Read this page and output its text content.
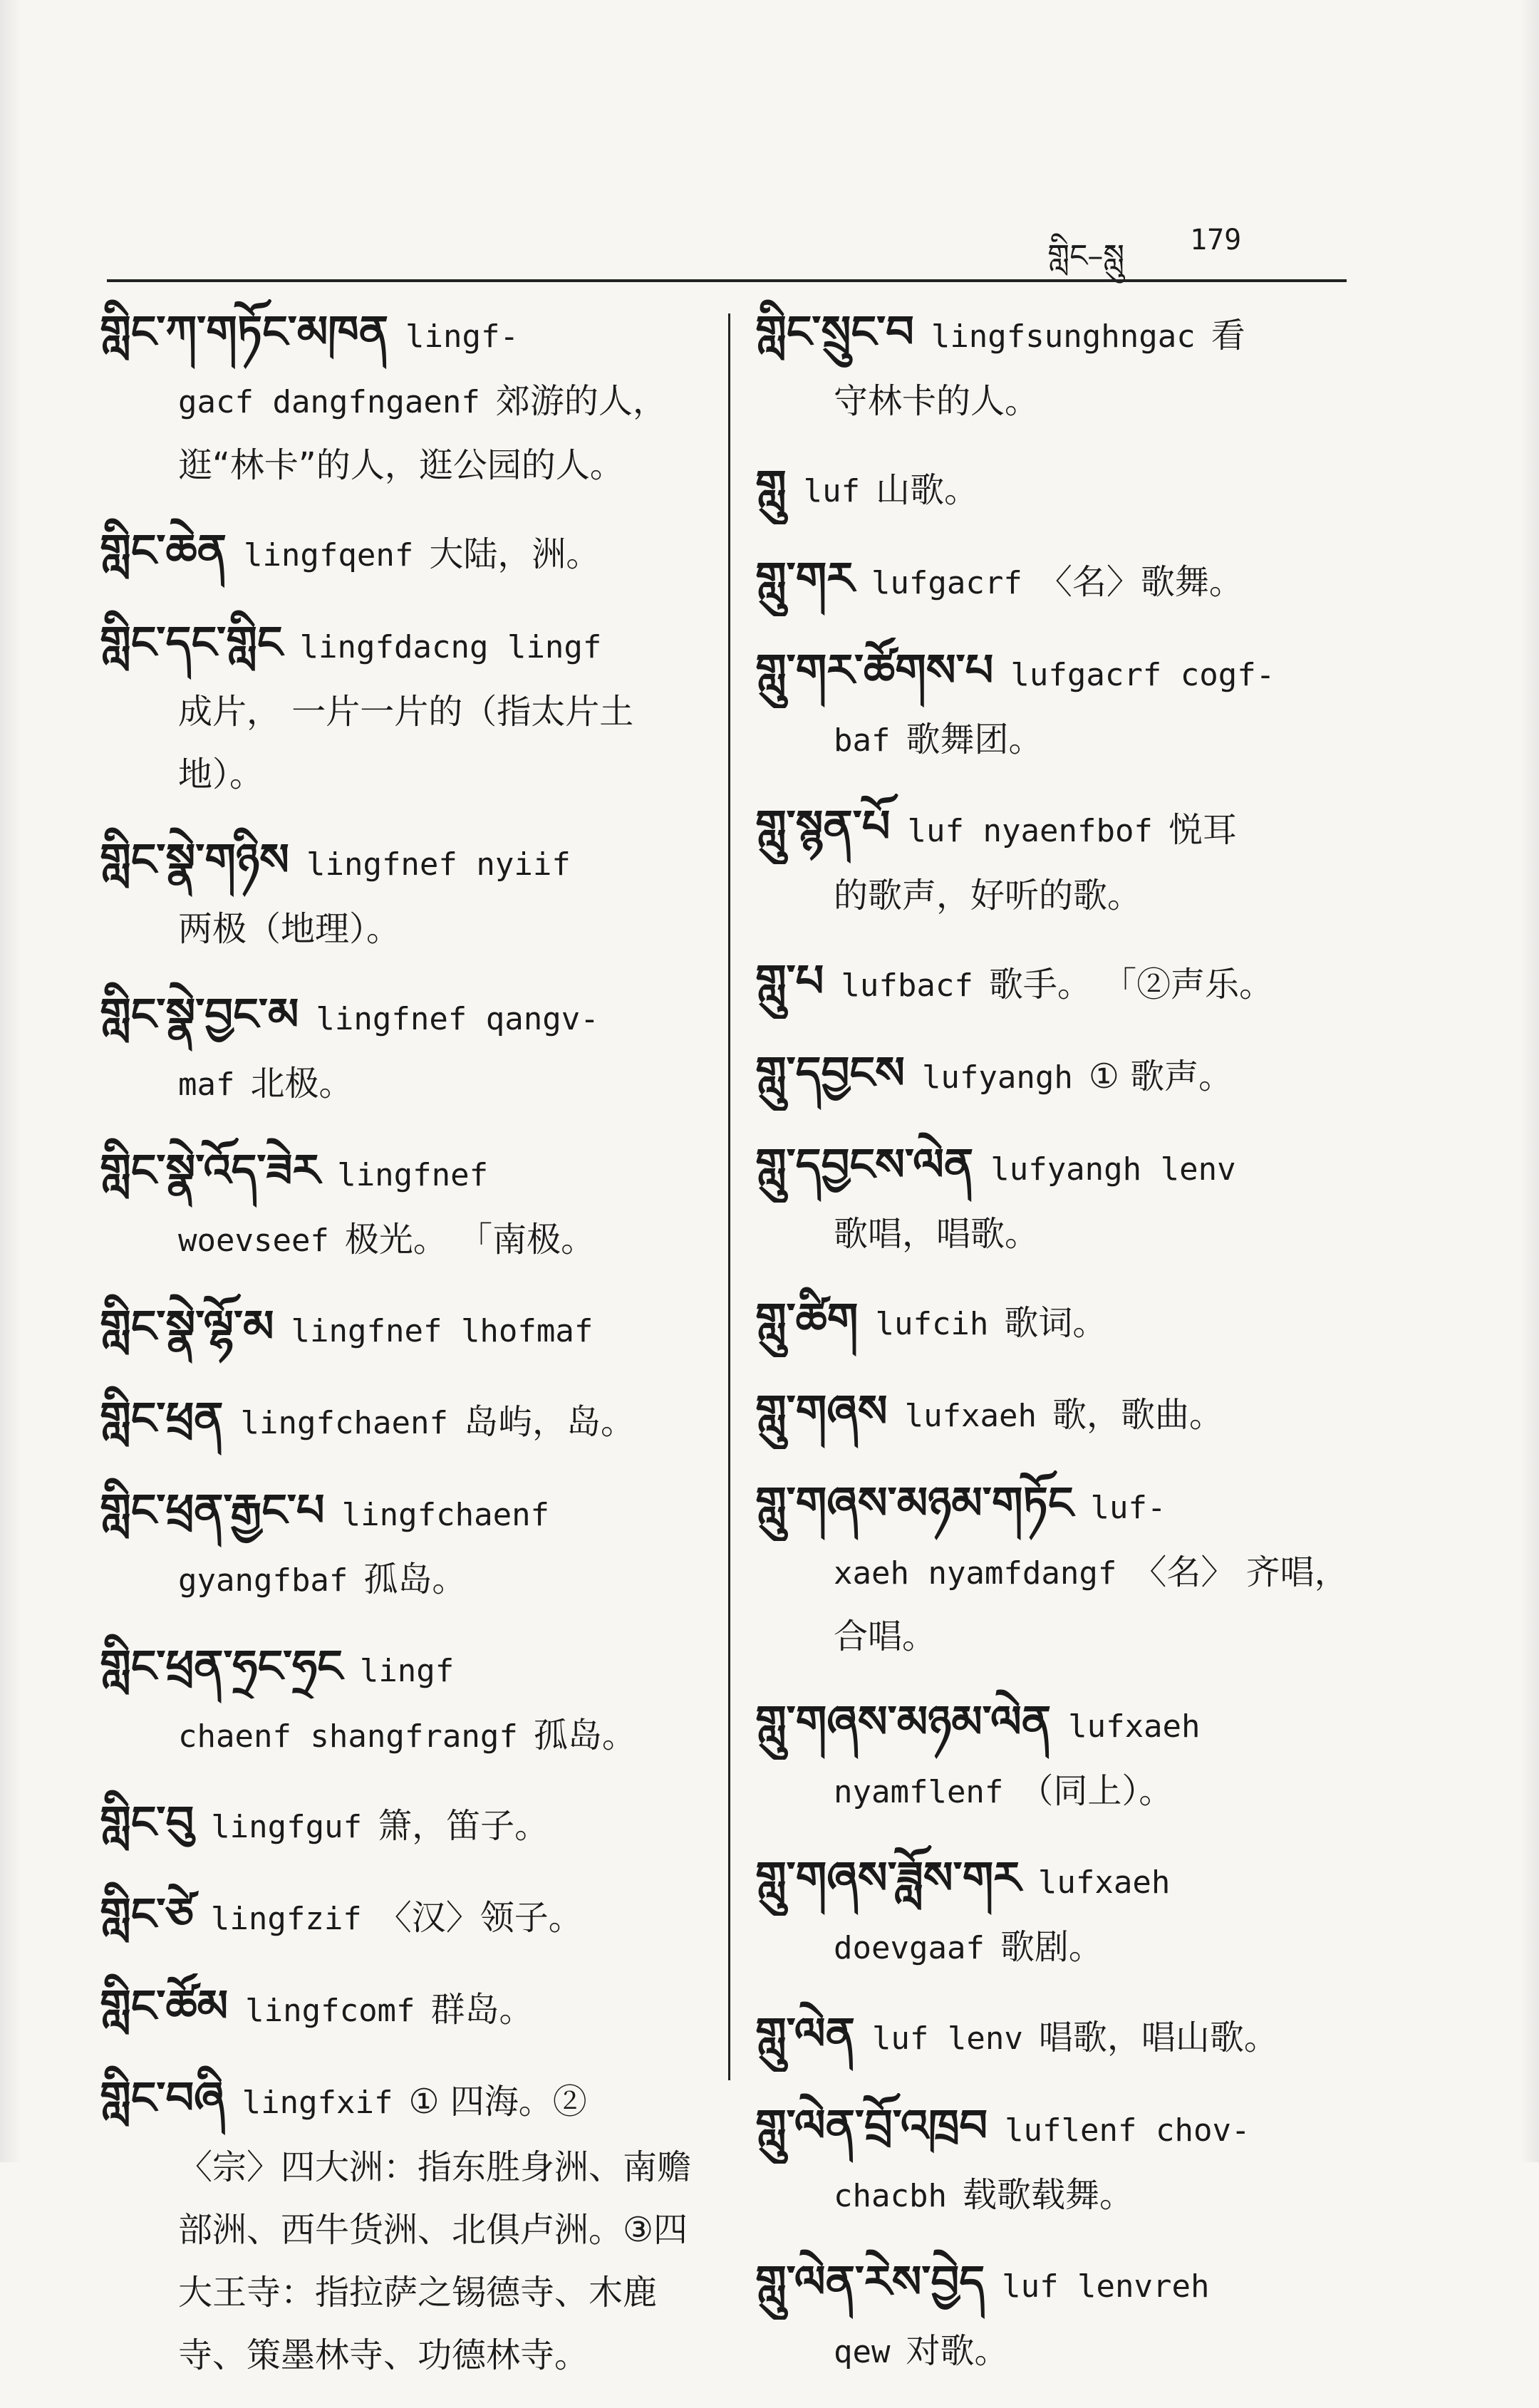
གླིང–སླུ 179
གླིང་ཀ་གཏོང་མཁན lingf-
gacf dangfngaenf 郊游的人，逛“林卡”的人，逛公园的人。
གླིང་ཆེན lingfqenf 大陆，洲。
གླིང་དང་གླིང lingfdacng lingf
成片， 一片一片的（指太片土地）。
གླིང་སྣེ་གཉིས lingfnef nyiif
两极（地理）。
གླིང་སྣེ་བྱང་མ lingfnef qangv-
maf 北极。
གླིང་སྣེ་འོད་ཟེར lingfnef
woevseef 极光。 「南极。
གླིང་སྣེ་ལྷོ་མ lingfnef lhofmaf
གླིང་ཕྲན lingfchaenf 岛屿，岛。
གླིང་ཕྲན་རྒྱང་པ lingfchaenf
gyangfbaf 孤岛。
གླིང་ཕྲན་ཧྲང་ཧྲང lingf
chaenf shangfrangf 孤岛。
གླིང་བུ lingfguf 箫，笛子。
གླིང་ཙེ lingfzif 〈汉〉领子。
གླིང་ཚོམ lingfcomf 群岛。
གླིང་བཞི lingfxif ① 四海。②
〈宗〉四大洲：指东胜身洲、南赡部洲、西牛货洲、北俱卢洲。③四大王寺：指拉萨之锡德寺、木鹿寺、策墨林寺、功德林寺。
གླིང་སྲུང་བ lingfsunghngac 看
守林卡的人。
གླུ luf 山歌。
གླུ་གར lufgacrf 〈名〉歌舞。
གླུ་གར་ཚོགས་པ lufgacrf cogf-
baf 歌舞团。
གླུ་སྙན་པོ luf nyaenfbof 悦耳
的歌声，好听的歌。
གླུ་པ lufbacf 歌手。 「②声乐。
གླུ་དབྱངས lufyangh ① 歌声。
གླུ་དབྱངས་ལེན lufyangh lenv
歌唱，唱歌。
གླུ་ཚིག lufcih 歌词。
གླུ་གཞས lufxaeh 歌，歌曲。
གླུ་གཞས་མཉམ་གཏོང luf-
xaeh nyamfdangf 〈名〉 齐唱，合唱。
གླུ་གཞས་མཉམ་ལེན lufxaeh
nyamflenf （同上）。
གླུ་གཞས་ཟློས་གར lufxaeh
doevgaaf 歌剧。
གླུ་ལེན luf lenv 唱歌，唱山歌。
གླུ་ལེན་བྲོ་འཁྲབ luflenf chov-
chacbh 载歌载舞。
གླུ་ལེན་རེས་བྱེད luf lenvreh
qew 对歌。
